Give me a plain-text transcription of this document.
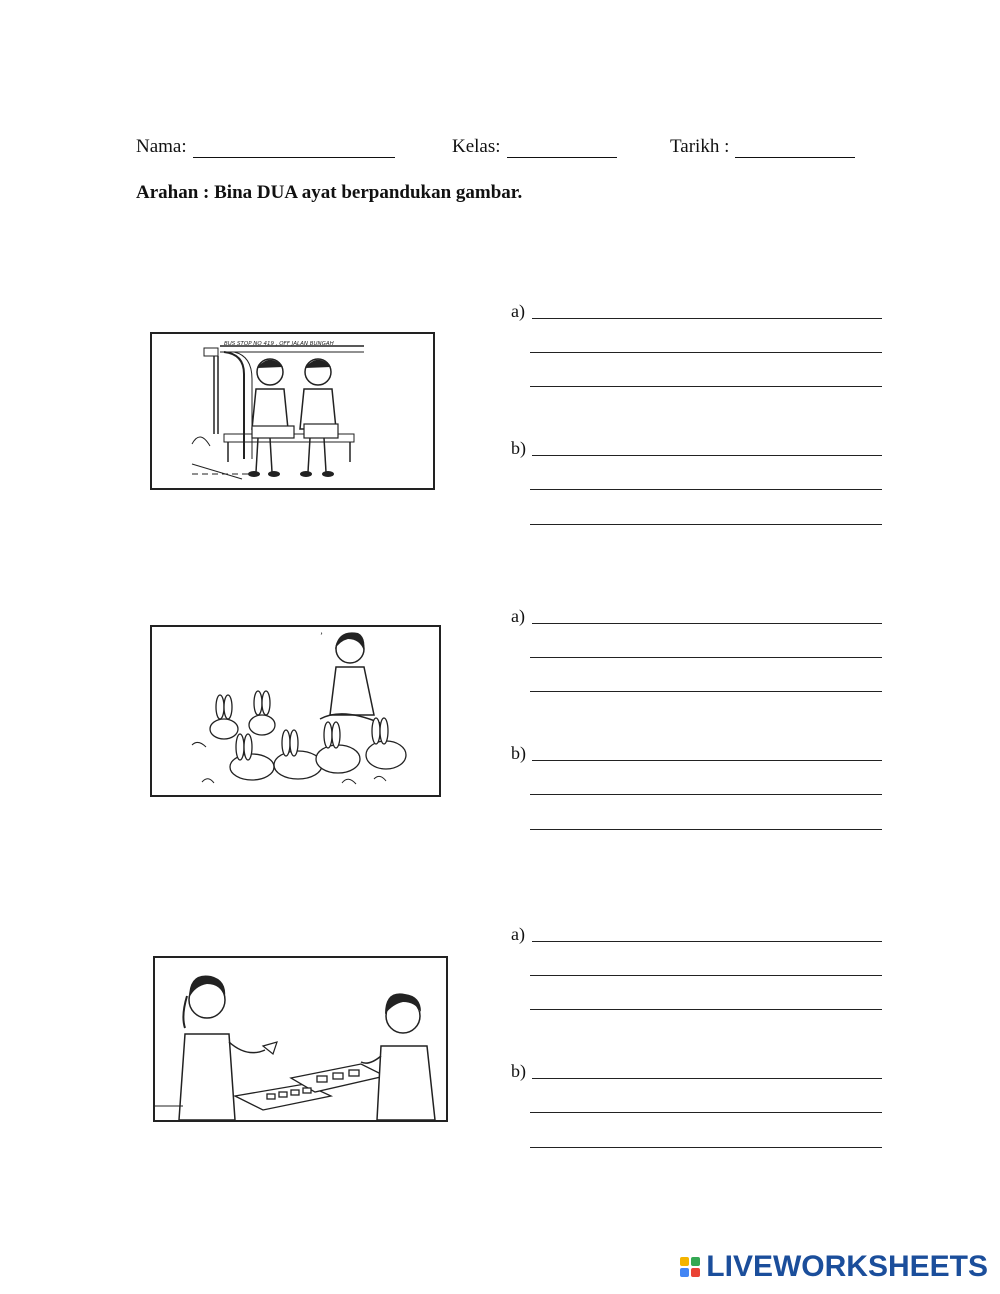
Nama:	Kelas:	Tarikh :
Arahan : Bina DUA ayat berpandukan gambar.
BUS STOP NO 419 , OFF JALAN BUNGAH
’
a)
b)
a)
b)
a)
b)
LIVEWORKSHEETS
